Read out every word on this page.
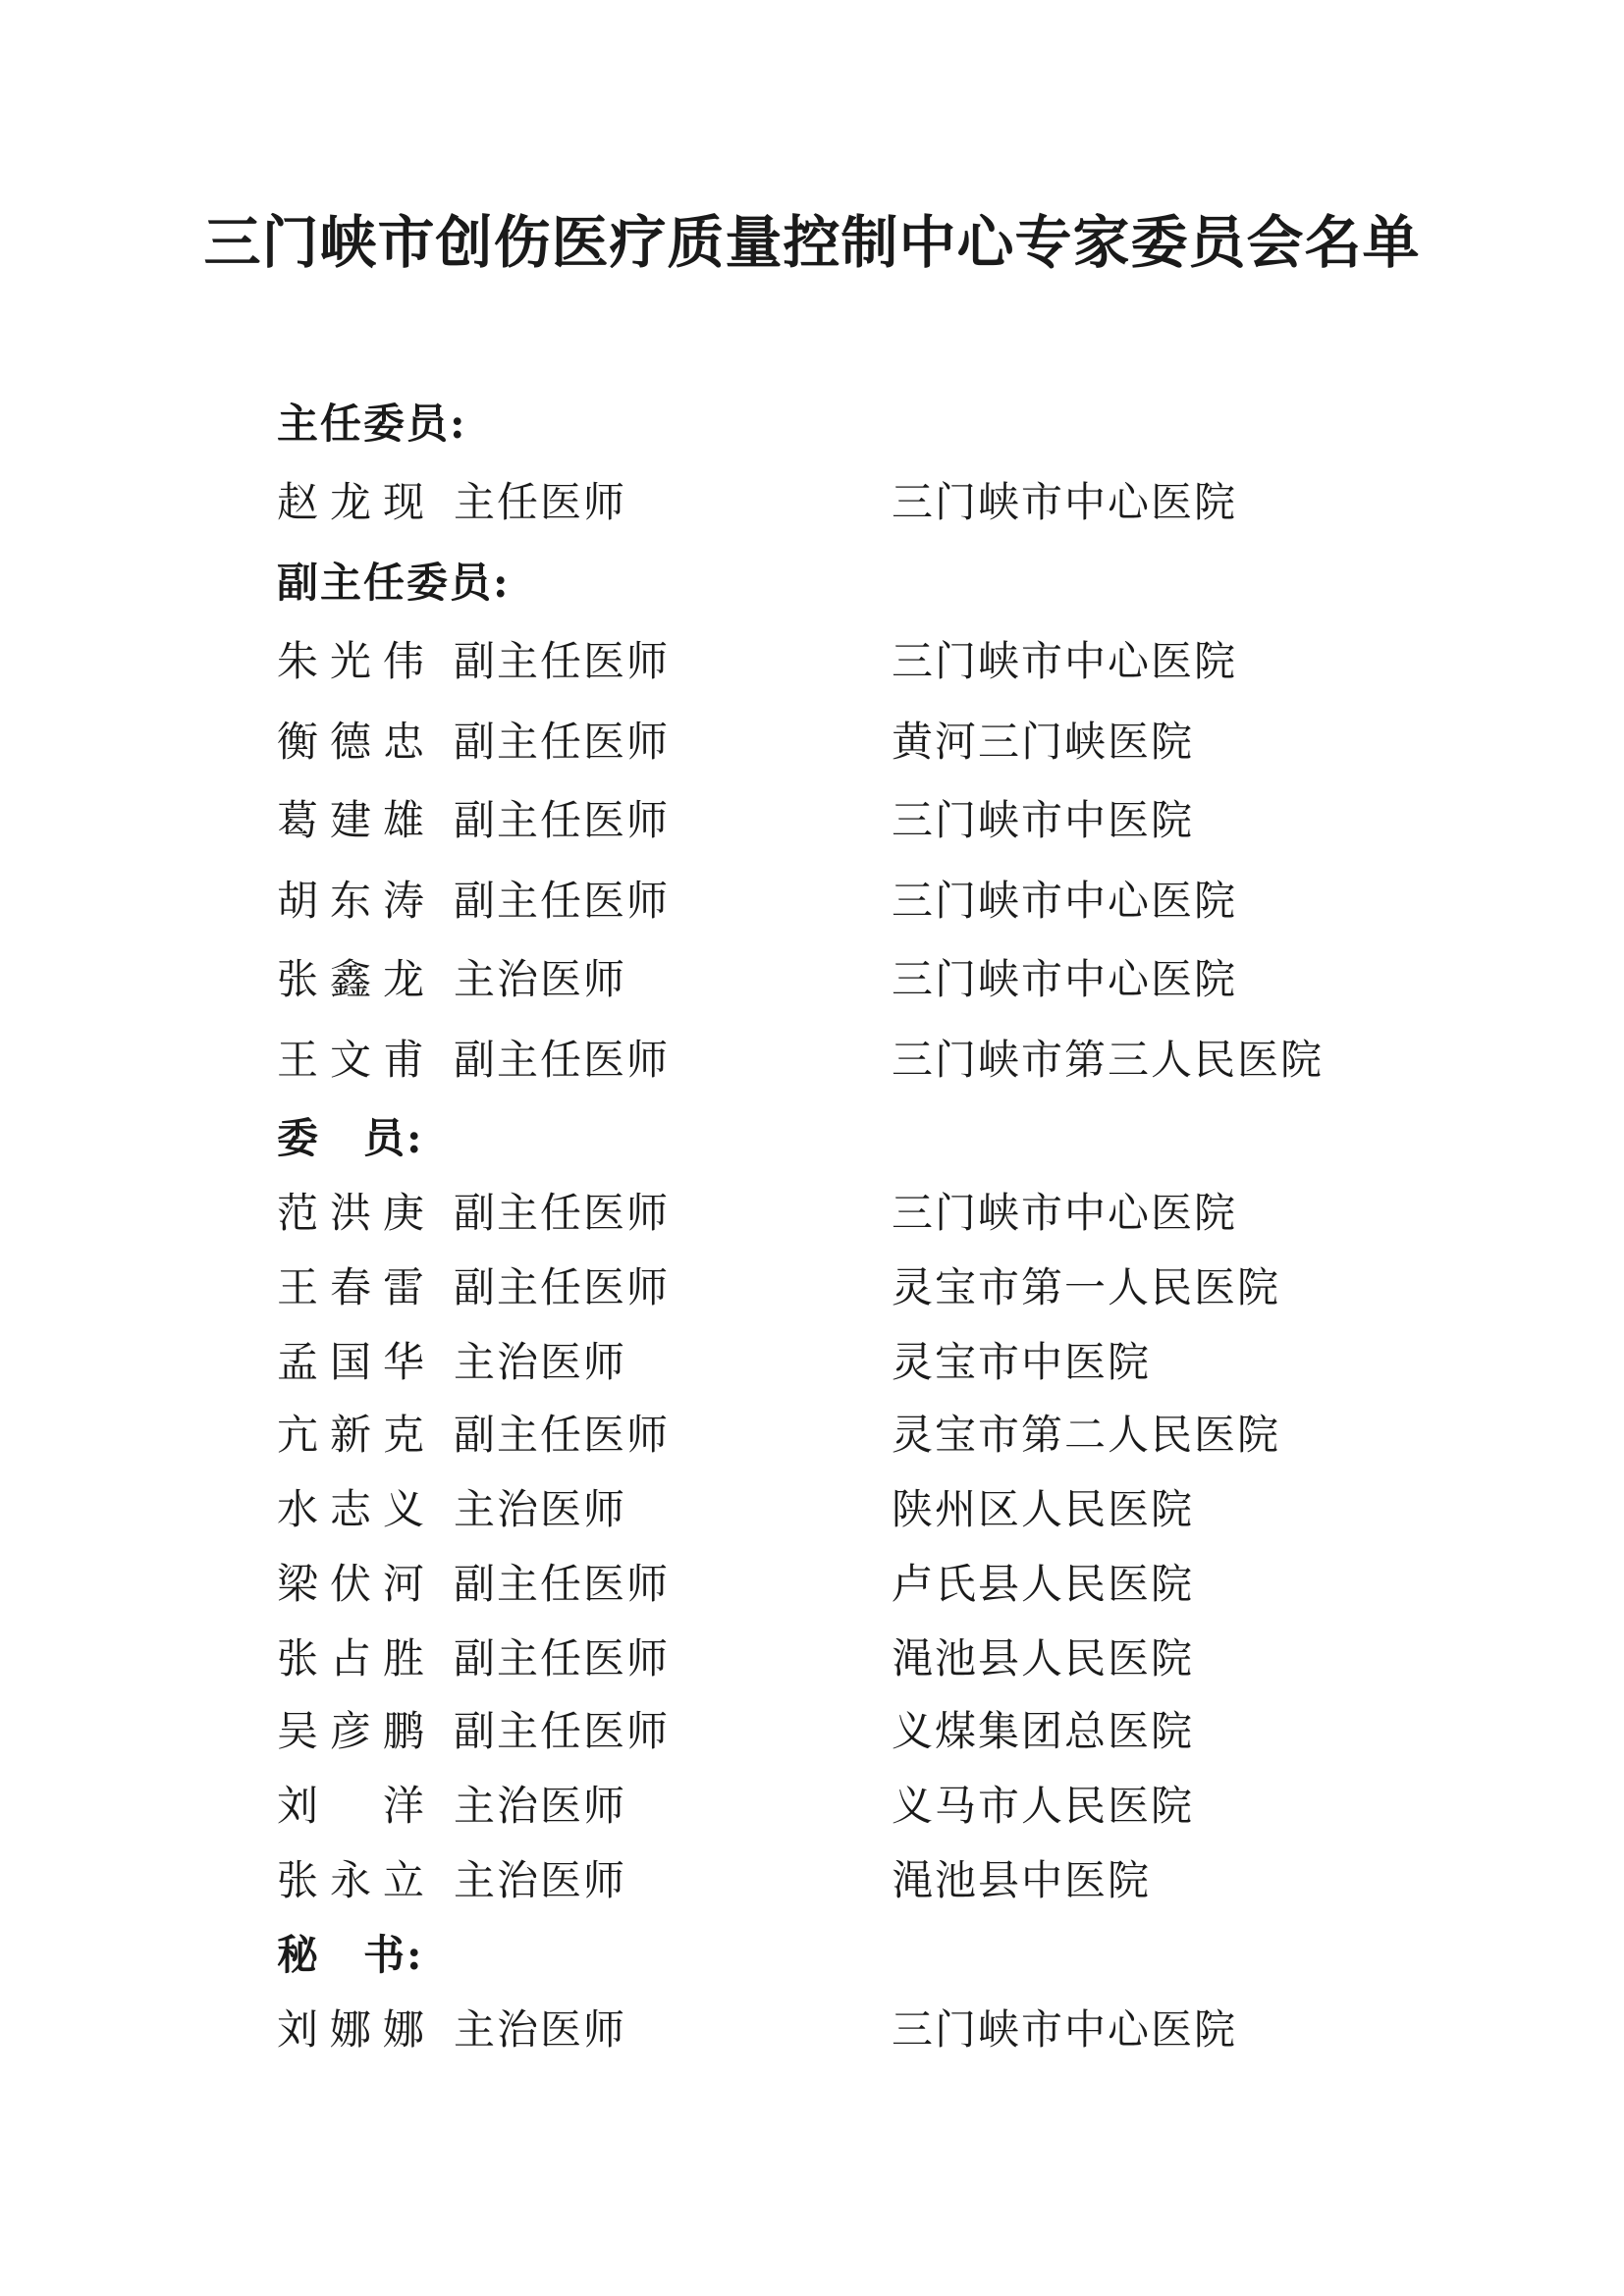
三门峡市创伤医疗质量控制中心专家委员会名单
主任委员:
赵龙现 主任医师	三门峡市中心医院
副主任委员:
朱光伟 副主任医师	三门峡市中心医院
衡德忠 副主任医师	黄河三门峡医院
葛建雄 副主任医师	三门峡市中医院
胡东涛 副主任医师	三门峡市中心医院
张鑫龙 主治医师	三门峡市中心医院
王文甫 副主任医师	三门峡市第三人民医院
委　员:
范洪庚 副主任医师	三门峡市中心医院
王春雷 副主任医师	灵宝市第一人民医院
孟国华 主治医师	灵宝市中医院
亢新克 副主任医师	灵宝市第二人民医院
水志义 主治医师	陕州区人民医院
梁伏河 副主任医师	卢氏县人民医院
张占胜 副主任医师	渑池县人民医院
吴彦鹏 副主任医师	义煤集团总医院
刘　洋 主治医师	义马市人民医院
张永立 主治医师	渑池县中医院
秘　书:
刘娜娜 主治医师	三门峡市中心医院
